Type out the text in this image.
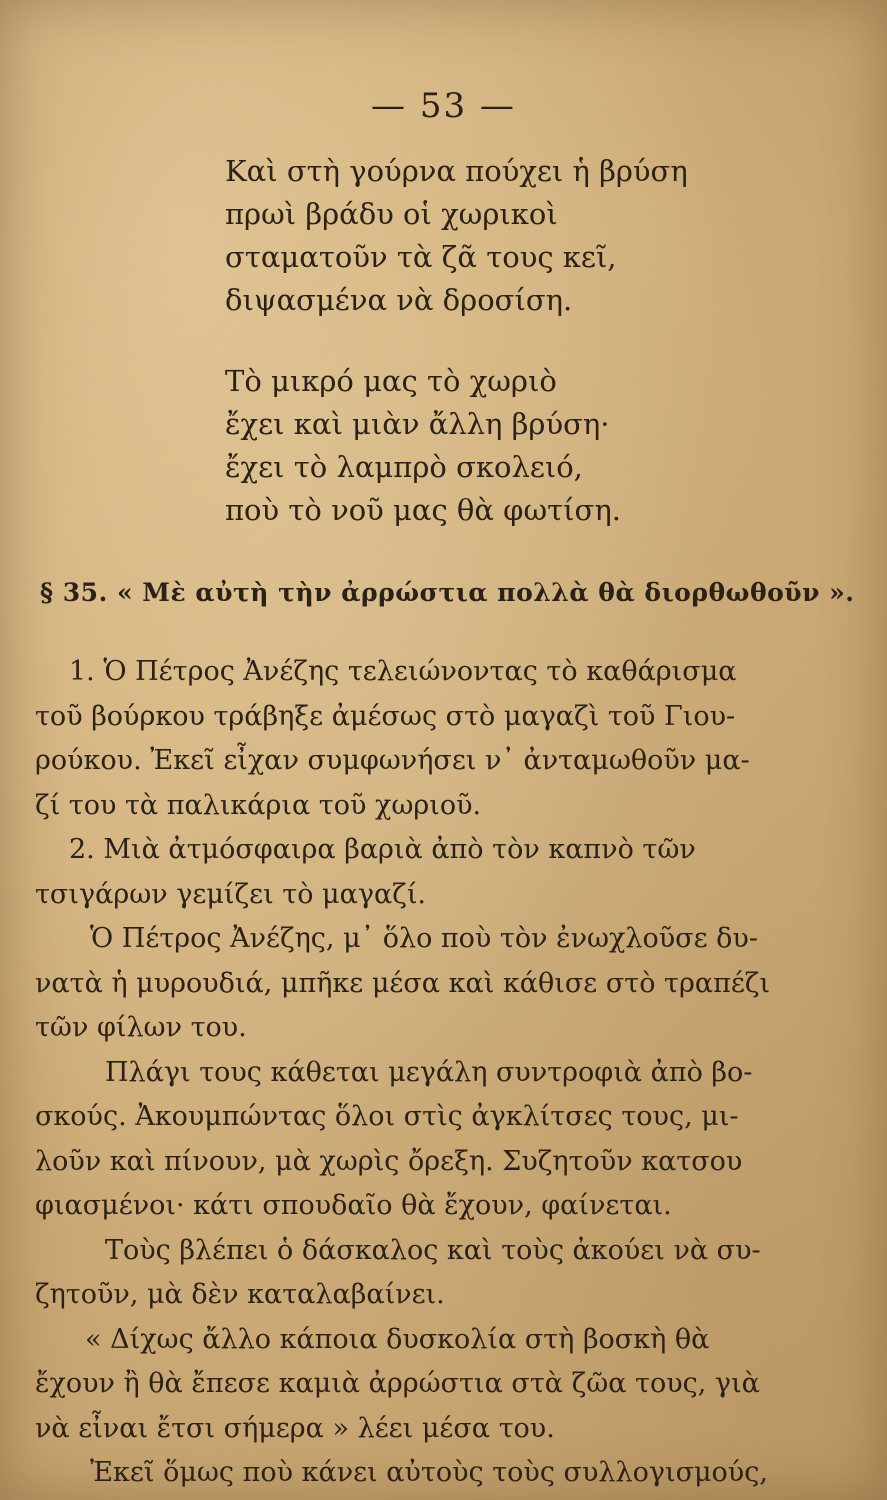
— 53 —
Καὶ στὴ γούρνα πούχει ἡ βρύση
πρωὶ βράδυ οἱ χωρικοὶ
σταματοῦν τὰ ζᾶ τους κεῖ,
διψασμένα νὰ δροσίση.
Τὸ μικρό μας τὸ χωριὸ
ἔχει καὶ μιὰν ἄλλη βρύση·
ἔχει τὸ λαμπρὸ σκολειό,
ποὺ τὸ νοῦ μας θὰ φωτίση.
§ 35. « Μὲ αὐτὴ τὴν ἀρρώστια πολλὰ θὰ διορθωθοῦν ».
1. Ὁ Πέτρος Ἀνέζης τελειώνοντας τὸ καθάρισμα
τοῦ βούρκου τράβηξε ἀμέσως στὸ μαγαζὶ τοῦ Γιου-
ρούκου. Ἐκεῖ εἶχαν συμφωνήσει ν᾽ ἀνταμωθοῦν μα-
ζί του τὰ παλικάρια τοῦ χωριοῦ.
2. Μιὰ ἀτμόσφαιρα βαριὰ ἀπὸ τὸν καπνὸ τῶν
τσιγάρων γεμίζει τὸ μαγαζί.
Ὁ Πέτρος Ἀνέζης, μ᾽ ὅλο ποὺ τὸν ἐνωχλοῦσε δυ-
νατὰ ἡ μυρουδιά, μπῆκε μέσα καὶ κάθισε στὸ τραπέζι
τῶν φίλων του.
Πλάγι τους κάθεται μεγάλη συντροφιὰ ἀπὸ βο-
σκούς. Ἀκουμπώντας ὅλοι στὶς ἀγκλίτσες τους, μι-
λοῦν καὶ πίνουν, μὰ χωρὶς ὄρεξη. Συζητοῦν κατσου
φιασμένοι· κάτι σπουδαῖο θὰ ἔχουν, φαίνεται.
Τοὺς βλέπει ὁ δάσκαλος καὶ τοὺς ἀκούει νὰ συ-
ζητοῦν, μὰ δὲν καταλαβαίνει.
« Δίχως ἄλλο κάποια δυσκολία στὴ βοσκὴ θὰ
ἔχουν ἢ θὰ ἔπεσε καμιὰ ἀρρώστια στὰ ζῶα τους, γιὰ
νὰ εἶναι ἔτσι σήμερα » λέει μέσα του.
Ἐκεῖ ὅμως ποὺ κάνει αὐτοὺς τοὺς συλλογισμούς,
